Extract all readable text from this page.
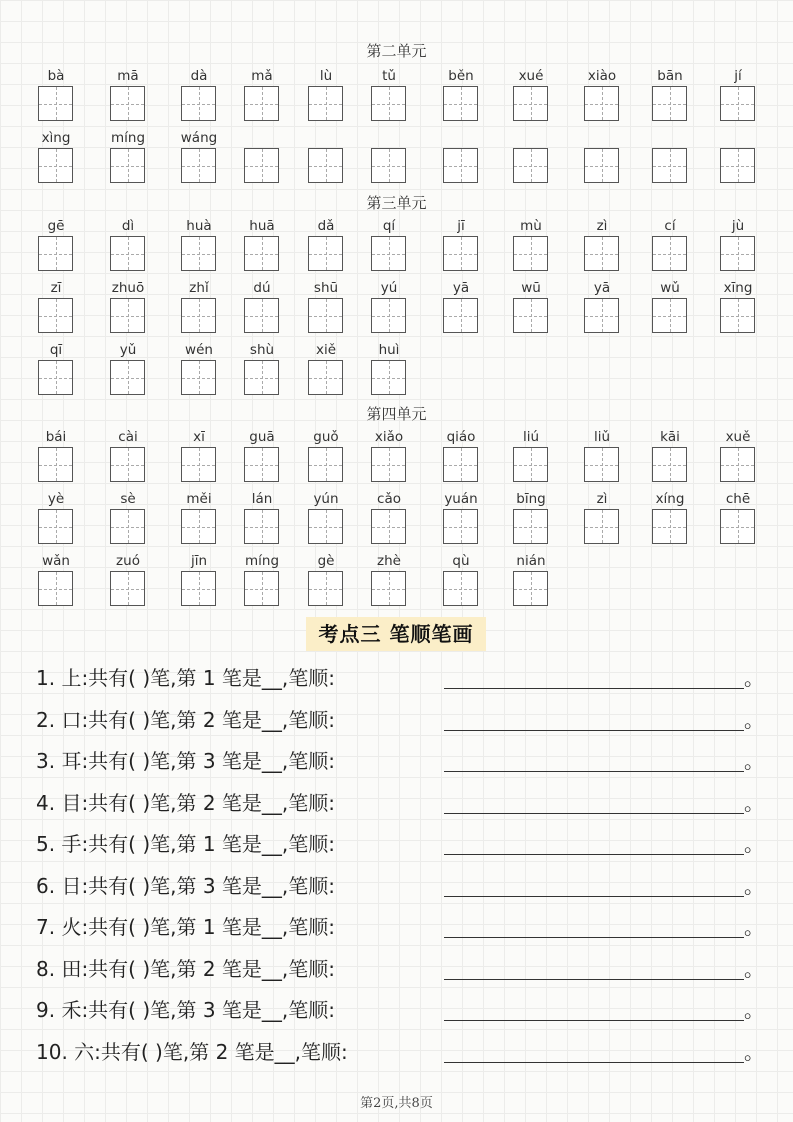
第二单元
bà	mā	dà	mǎ	lù	tǔ	běn	xué	xiào	bān	jí
xìng	míng	wáng
第三单元
gē	dì	huà	huā	dǎ	qí	jī	mù	zì	cí	jù
zī	zhuō	zhǐ	dú	shū	yú	yā	wū	yā	wǔ	xīng
qī	yǔ	wén	shù	xiě	huì
第四单元
bái	cài	xī	guā	guǒ	xiǎo	qiáo	liú	liǔ	kāi	xuě
yè	sè	měi	lán	yún	cǎo	yuán	bīng	zì	xíng	chē
wǎn	zuó	jīn	míng	gè	zhè	qù	nián
考点三 笔顺笔画
1. 上:共有( )笔,第 1 笔是__,笔顺:	。
2. 口:共有( )笔,第 2 笔是__,笔顺:	。
3. 耳:共有( )笔,第 3 笔是__,笔顺:	。
4. 目:共有( )笔,第 2 笔是__,笔顺:	。
5. 手:共有( )笔,第 1 笔是__,笔顺:	。
6. 日:共有( )笔,第 3 笔是__,笔顺:	。
7. 火:共有( )笔,第 1 笔是__,笔顺:	。
8. 田:共有( )笔,第 2 笔是__,笔顺:	。
9. 禾:共有( )笔,第 3 笔是__,笔顺:	。
10. 六:共有( )笔,第 2 笔是__,笔顺:	。
第2页,共8页
